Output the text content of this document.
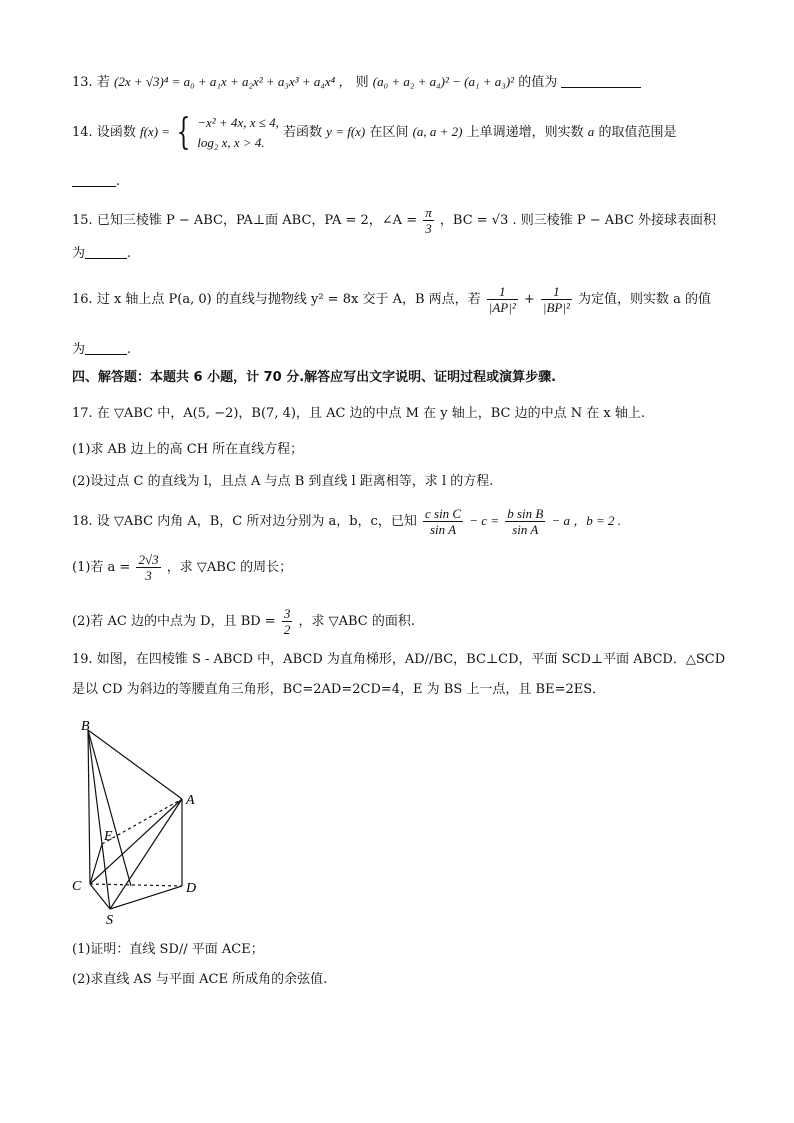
13. 若 (2x + √3)⁴ = a₀ + a₁x + a₂x² + a₃x³ + a₄x⁴ ， 则 (a₀ + a₂ + a₄)² − (a₁ + a₃)² 的值为
14. 设函数 f(x) = { −x² + 4x, x ≤ 4,
log₂ x, x > 4.
若函数 y = f(x) 在区间 (a, a + 2) 上单调递增，则实数 a 的取值范围是
.
15. 已知三棱锥 P − ABC，PA⊥面 ABC，PA = 2，∠A = $\frac{\pi}{3}$ ，BC = √3 . 则三棱锥 P − ABC 外接球表面积
为	.
16. 过 x 轴上点 P(a, 0) 的直线与抛物线 y² = 8x 交于 A，B 两点，若 $\frac{1}{\text{|AP|²}} + \frac{1}{\text{|BP|²}}$ 为定值，则实数 a 的值
为	.
四、解答题：本题共 6 小题，计 70 分.解答应写出文字说明、证明过程或演算步骤.
17. 在 ▽ABC 中，A(5, −2)，B(7, 4)，且 AC 边的中点 M 在 y 轴上，BC 边的中点 N 在 x 轴上.
(1)求 AB 边上的高 CH 所在直线方程；
(2)设过点 C 的直线为 l，且点 A 与点 B 到直线 l 距离相等，求 l 的方程.
18. 设 ▽ABC 内角 A，B，C 所对边分别为 a，b，c，已知 $\frac{\text{c sin C}}{\text{sin A}} - c = \frac{\text{b sin B}}{\text{sin A}} - a$ ，b = 2 .
(1)若 $a = \frac{2√3}{3}$ ，求 ▽ABC 的周长；
(2)若 AC 边的中点为 D，且 BD = $\frac{3}{2}$ ，求 ▽ABC 的面积.
19. 如图，在四棱锥 S - ABCD 中，ABCD 为直角梯形，AD//BC，BC⊥CD，平面 SCD⊥平面 ABCD．△SCD
是以 CD 为斜边的等腰直角三角形，BC=2AD=2CD=4，E 为 BS 上一点，且 BE=2ES．
B
A
E
C	D
S
(1)证明：直线 SD// 平面 ACE；
(2)求直线 AS 与平面 ACE 所成角的余弦值.
